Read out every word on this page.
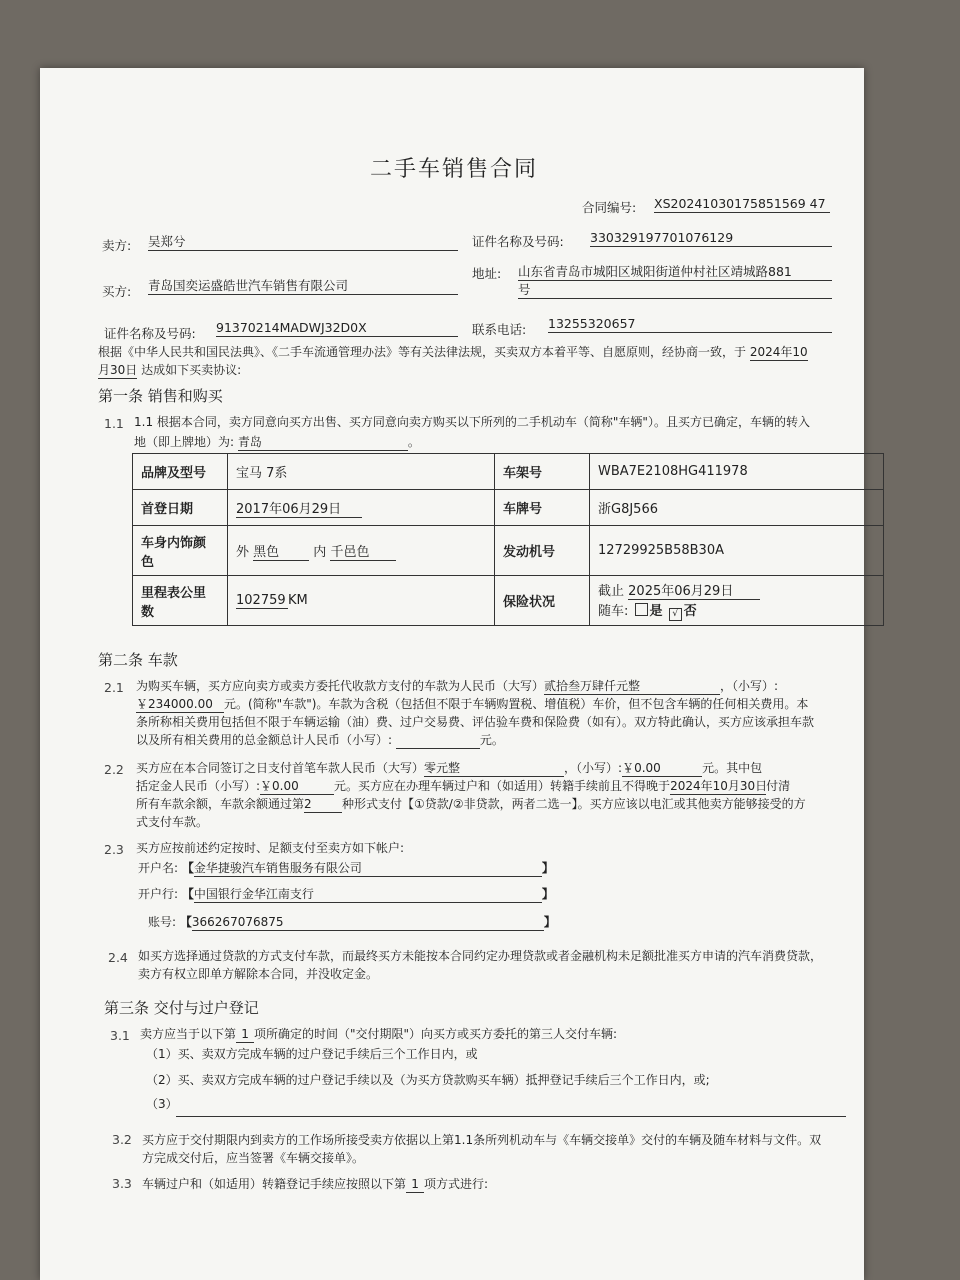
二手车销售合同
合同编号: XS20241030175851569 47
卖方: 吴郑兮	证件名称及号码: 330329197701076129
买方: 青岛国奕运盛皓世汽车销售有限公司
地址: 山东省青岛市城阳区城阳街道仲村社区靖城路881
号
证件名称及号码: 91370214MADWJ32D0X	联系电话: 13255320657
根据《中华人民共和国民法典》、《二手车流通管理办法》等有关法律法规，买卖双方本着平等、自愿原则，经协商一致，于 2024年10
月30日 达成如下买卖协议:
第一条 销售和购买
1.1 1.1 根据本合同，卖方同意向买方出售、买方同意向卖方购买以下所列的二手机动车（简称"车辆"）。且买方已确定，车辆的转入
地（即上牌地）为: 青岛	。
品牌及型号	宝马 7系	车架号	WBA7E2108HG411978
首登日期	2017年06月29日	车牌号	浙G8J566
车身内饰颜
色	外 黑色 内 千邑色	发动机号	12729925B58B30A
里程表公里
数	102759 KM	保险状况	截止 2025年06月29日
随车: 是 √ 否
第二条 车款
2.1 为购买车辆，买方应向卖方或卖方委托代收款方支付的车款为人民币（大写）贰拾叁万肆仟元整	，（小写）:
￥234000.00 元。(简称"车款")。车款为含税（包括但不限于车辆购置税、增值税）车价，但不包含车辆的任何相关费用。本
条所称相关费用包括但不限于车辆运输（油）费、过户交易费、评估验车费和保险费（如有）。双方特此确认，买方应该承担车款
以及所有相关费用的总金额总计人民币（小写）:	元。
2.2 买方应在本合同签订之日支付首笔车款人民币（大写）零元整	，（小写）:￥0.00	元。其中包
括定金人民币（小写）:￥0.00	元。买方应在办理车辆过户和（如适用）转籍手续前且不得晚于2024年10月30日付清
所有车款余额，车款余额通过第2	种形式支付【①贷款/②非贷款，两者二选一】。买方应该以电汇或其他卖方能够接受的方
式支付车款。
2.3 买方应按前述约定按时、足额支付至卖方如下帐户:
开户名: 【金华捷骏汽车销售服务有限公司	】
开户行: 【中国银行金华江南支行	】
账号: 【366267076875	】
2.4 如买方选择通过贷款的方式支付车款，而最终买方未能按本合同约定办理贷款或者金融机构未足额批准买方申请的汽车消费贷款，
卖方有权立即单方解除本合同，并没收定金。
第三条 交付与过户登记
3.1 卖方应当于以下第 1 项所确定的时间（"交付期限"）向买方或买方委托的第三人交付车辆:
（1）买、卖双方完成车辆的过户登记手续后三个工作日内，或
（2）买、卖双方完成车辆的过户登记手续以及（为买方贷款购买车辆）抵押登记手续后三个工作日内，或;
（3）
3.2 买方应于交付期限内到卖方的工作场所接受卖方依据以上第1.1条所列机动车与《车辆交接单》交付的车辆及随车材料与文件。双
方完成交付后，应当签署《车辆交接单》。
3.3 车辆过户和（如适用）转籍登记手续应按照以下第 1 项方式进行:
